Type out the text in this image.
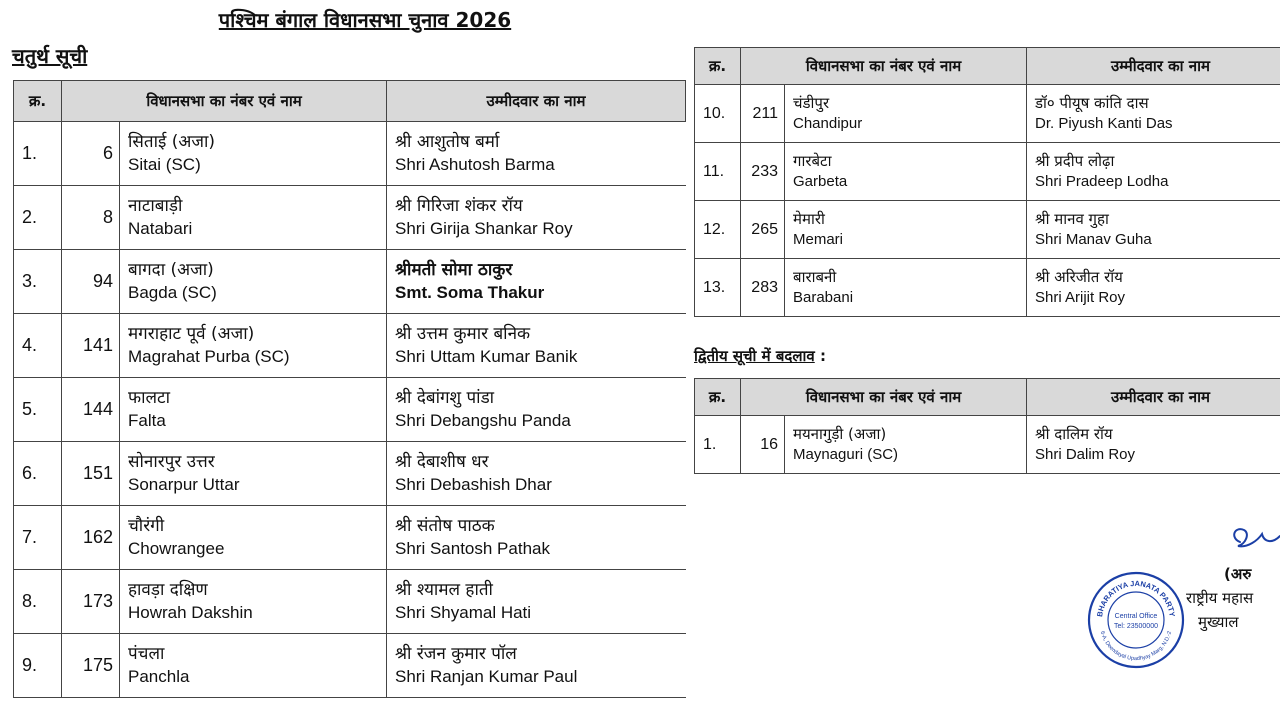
पश्चिम बंगाल विधानसभा चुनाव 2026
चतुर्थ सूची
क्र.	विधानसभा का नंबर एवं नाम		उम्मीदवार का नाम
1.	6	सिताई (अजा)
Sitai (SC)	श्री आशुतोष बर्मा
Shri Ashutosh Barma

2.	8	नाटाबाड़ी
Natabari	श्री गिरिजा शंकर रॉय
Shri Girija Shankar Roy

3.	94	बागदा (अजा)
Bagda (SC)	श्रीमती सोमा ठाकुर
Smt. Soma Thakur

4.	141	मगराहाट पूर्व (अजा)
Magrahat Purba (SC)	श्री उत्तम कुमार बनिक
Shri Uttam Kumar Banik

5.	144	फालटा
Falta	श्री देबांगशु पांडा
Shri Debangshu Panda

6.	151	सोनारपुर उत्तर
Sonarpur Uttar	श्री देबाशीष धर
Shri Debashish Dhar

7.	162	चौरंगी
Chowrangee	श्री संतोष पाठक
Shri Santosh Pathak

8.	173	हावड़ा दक्षिण
Howrah Dakshin	श्री श्यामल हाती
Shri Shyamal Hati

9.	175	पंचला
Panchla	श्री रंजन कुमार पॉल
Shri Ranjan Kumar Paul
क्र.	विधानसभा का नंबर एवं नाम		उम्मीदवार का नाम
10.	211	चंडीपुर
Chandipur	डॉ० पीयूष कांति दास
Dr. Piyush Kanti Das

11.	233	गारबेटा
Garbeta	श्री प्रदीप लोढ़ा
Shri Pradeep Lodha

12.	265	मेमारी
Memari	श्री मानव गुहा
Shri Manav Guha

13.	283	बाराबनी
Barabani	श्री अरिजीत रॉय
Shri Arijit Roy
द्वितीय सूची में बदलाव :
क्र.	विधानसभा का नंबर एवं नाम		उम्मीदवार का नाम
1.	16	मयनागुड़ी (अजा)
Maynaguri (SC)	श्री दालिम रॉय
Shri Dalim Roy
BHARATIYA JANATA PARTY
6-A, Deendayal Upadhyay Marg, N.D.-2
Central Office
Tel: 23500000
(अरु
राष्ट्रीय महास
मुख्याल
